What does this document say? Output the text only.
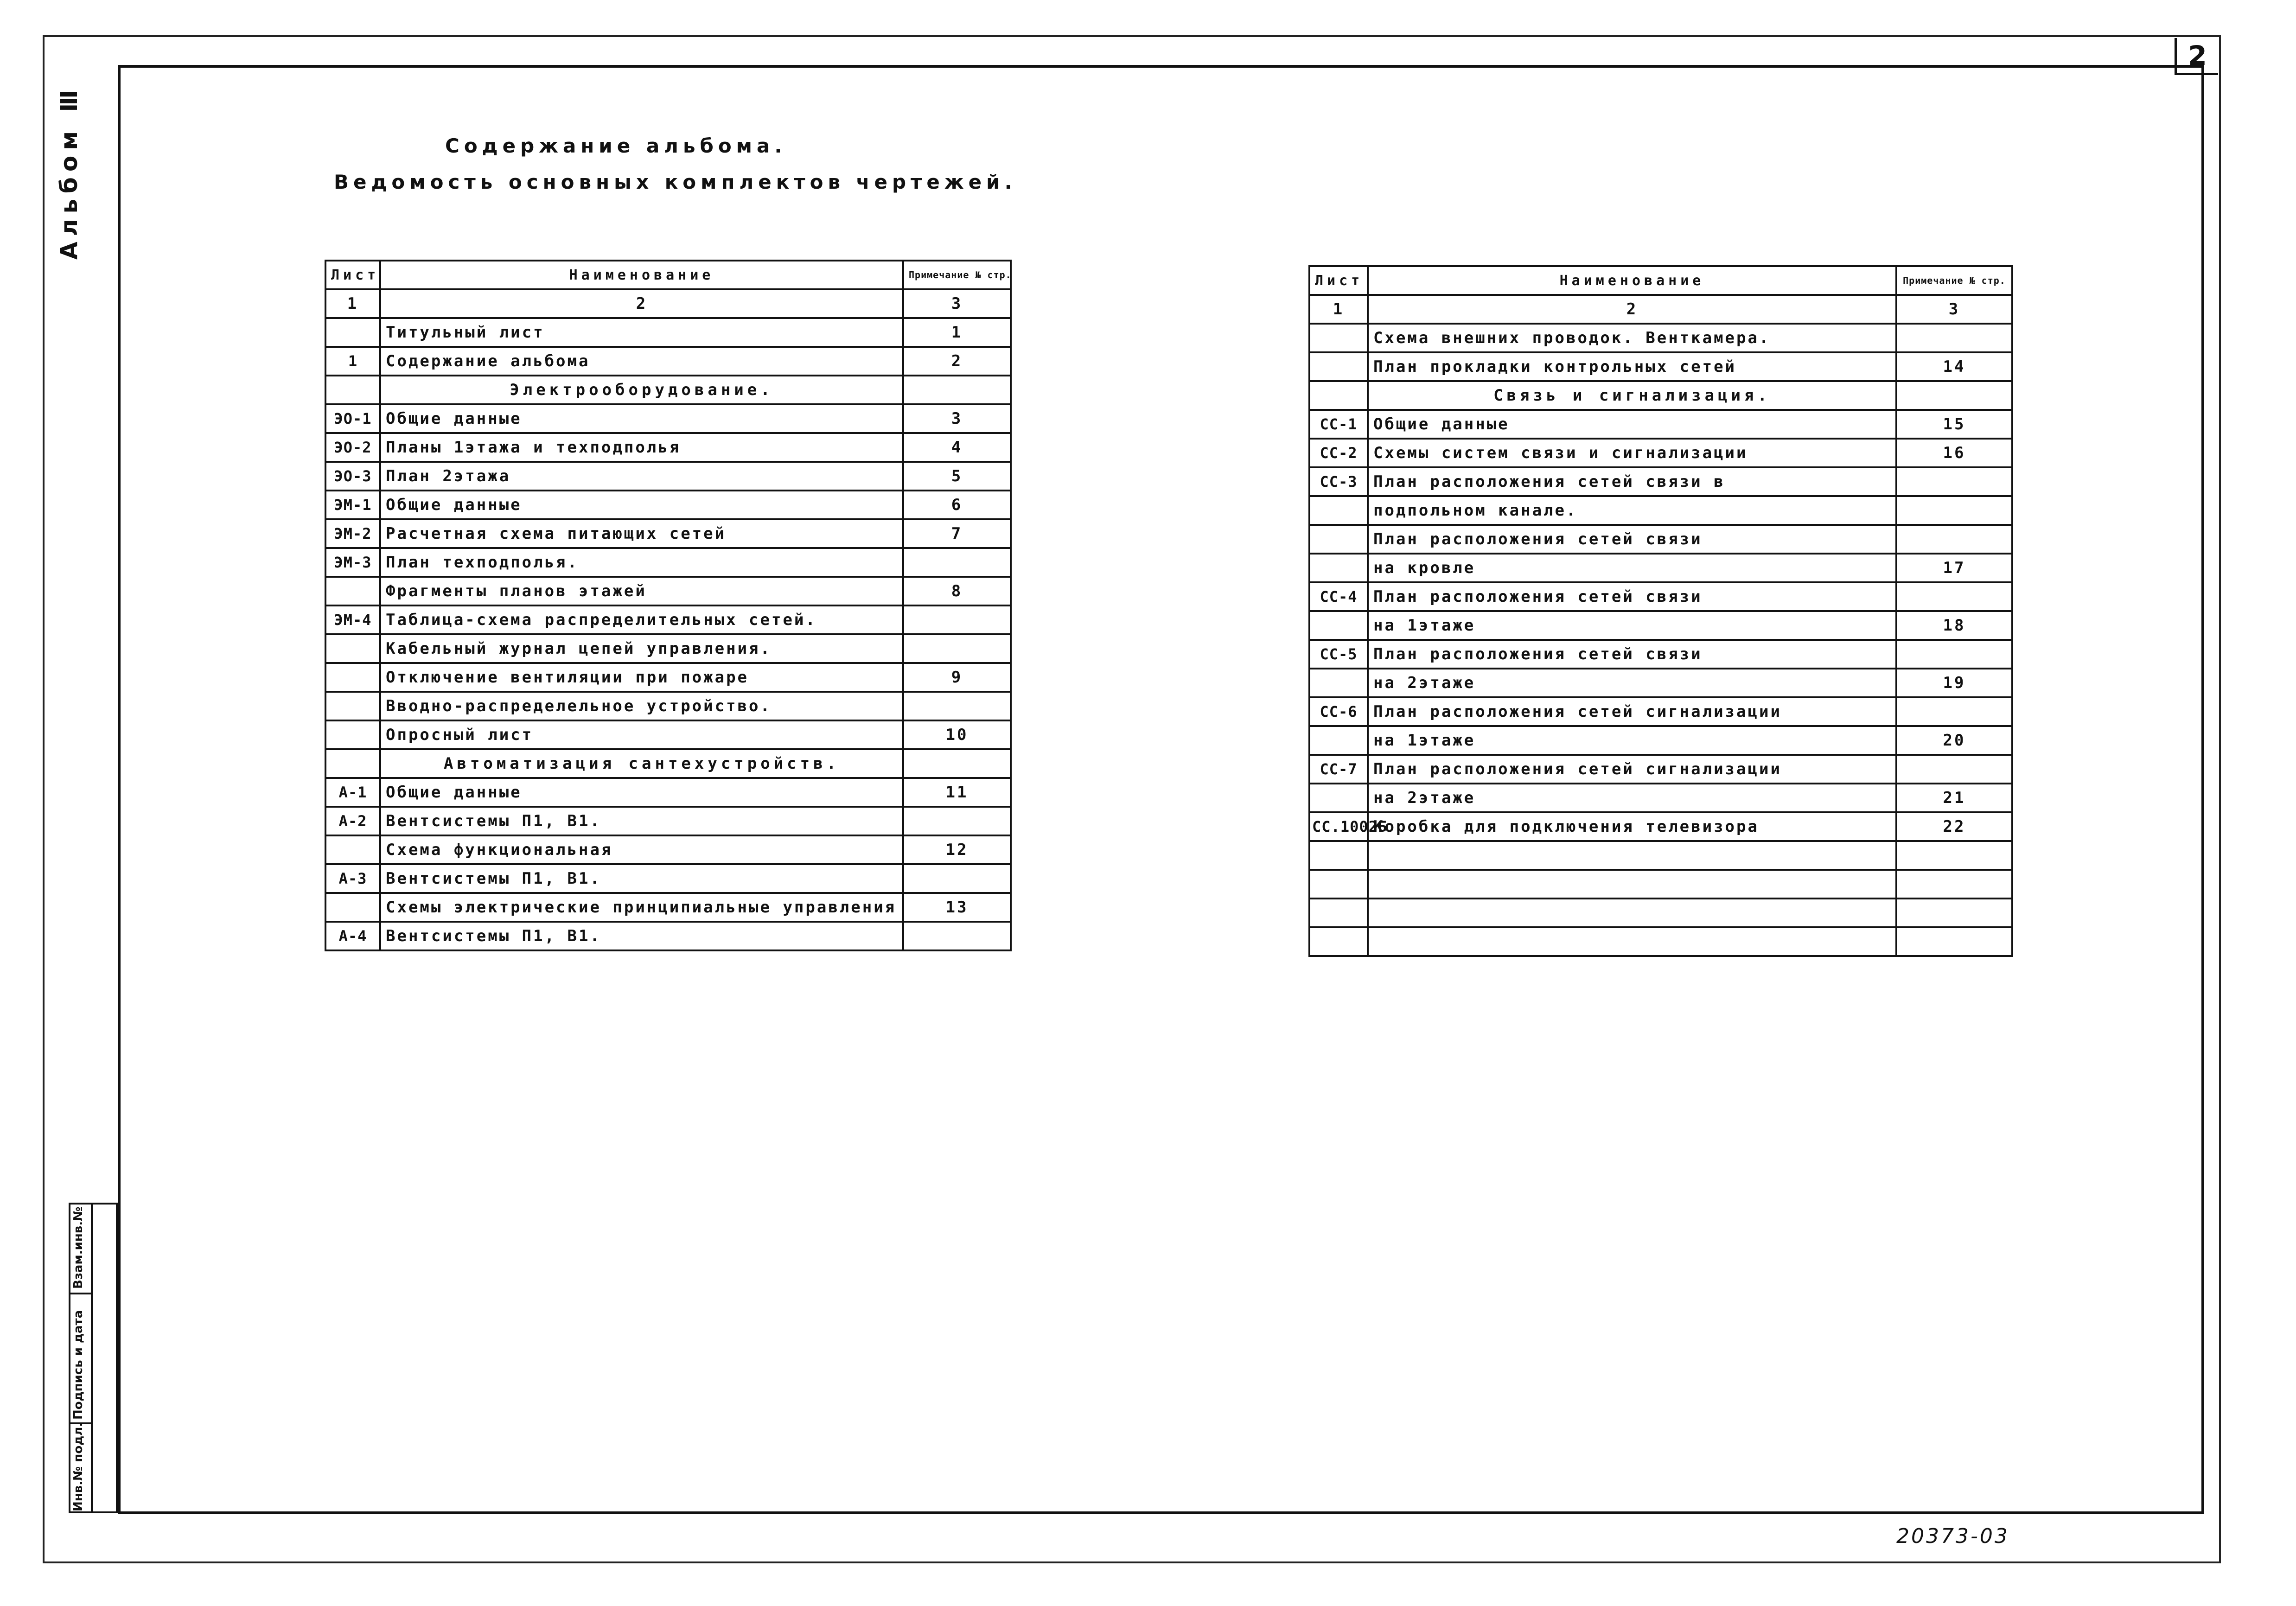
2
Альбом Ⅲ	Содержание альбома.
Ведомость основных комплектов чертежей.
Взам.инв.№
Подпись и дата
Инв.№ подл.
20373-03
Лист	Наименование	Примечание № стр.
1	2	3
	Титульный лист	1
1	Содержание альбома	2
	Электрооборудование.	
ЭО-1	Общие данные	3
ЭО-2	Планы 1этажа и техподполья	4
ЭО-3	План 2этажа	5
ЭМ-1	Общие данные	6
ЭМ-2	Расчетная схема питающих сетей	7
ЭМ-3	План техподполья.	
	Фрагменты планов этажей	8
ЭМ-4	Таблица-схема распределительных сетей.	
	Кабельный журнал цепей управления.	
	Отключение вентиляции при пожаре	9
	Вводно-распределельное устройство.	
	Опросный лист	10
	Автоматизация сантехустройств.	
А-1	Общие данные	11
А-2	Вентсистемы П1, В1.	
	Схема функциональная	12
А-3	Вентсистемы П1, В1.	
	Схемы электрические принципиальные управления	13
А-4	Вентсистемы П1, В1.	
Лист	Наименование	Примечание № стр.
1	2	3
	Схема внешних проводок. Венткамера.	
	План прокладки контрольных сетей	14
	Связь и сигнализация.	
СС-1	Общие данные	15
СС-2	Схемы систем связи и сигнализации	16
СС-3	План расположения сетей связи в	
	подпольном канале.	
	План расположения сетей связи	
	на кровле	17
СС-4	План расположения сетей связи	
	на 1этаже	18
СС-5	План расположения сетей связи	
	на 2этаже	19
СС-6	План расположения сетей сигнализации	
	на 1этаже	20
СС-7	План расположения сетей сигнализации	
	на 2этаже	21
СС.1002Б	Коробка для подключения телевизора	22
